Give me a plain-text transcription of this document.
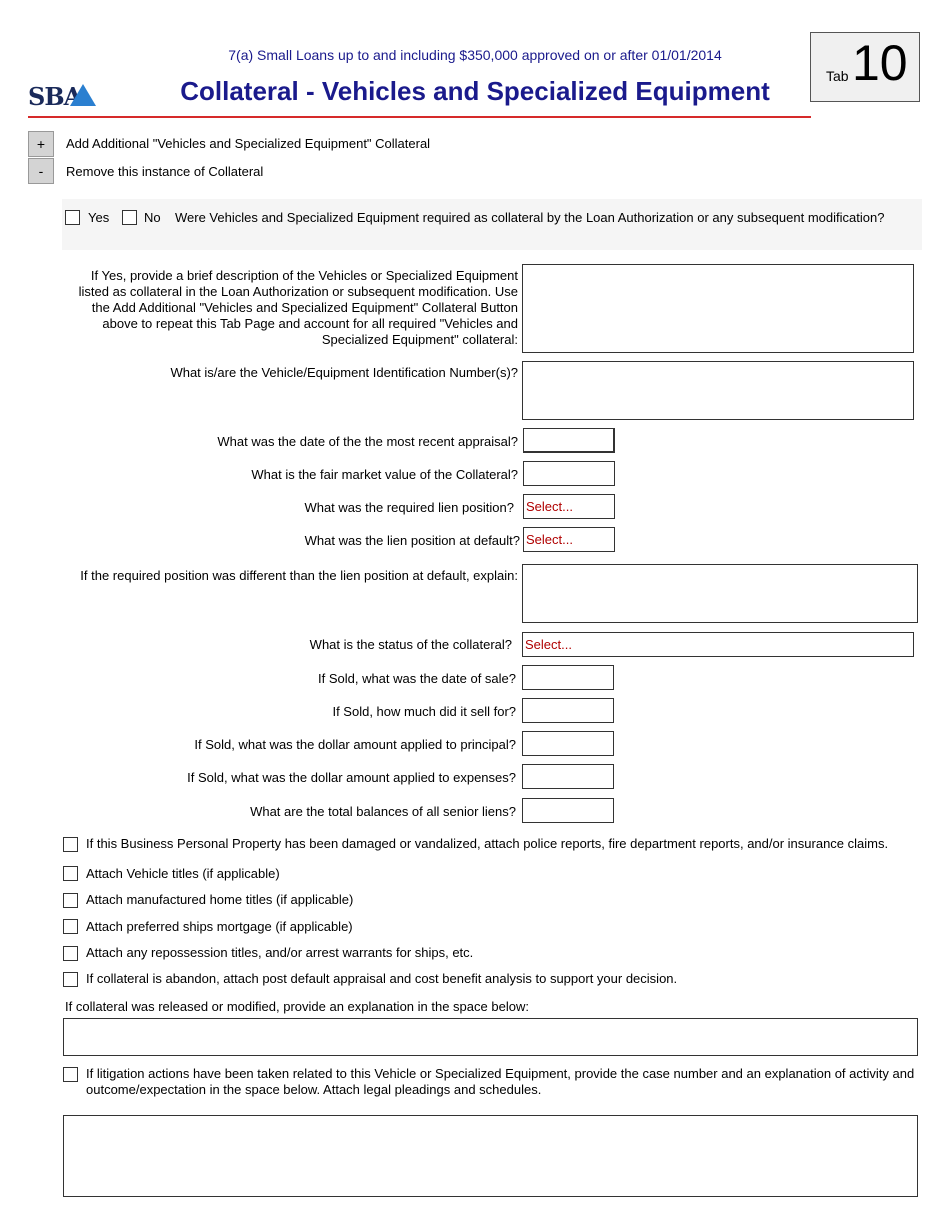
7(a) Small Loans up to and including $350,000 approved on or after 01/01/2014
Collateral - Vehicles and Specialized Equipment
SBA
Tab 10
+	Add Additional "Vehicles and Specialized Equipment" Collateral
-	Remove this instance of Collateral
Yes	No Were Vehicles and Specialized Equipment required as collateral by the Loan Authorization or any subsequent modification?
If Yes, provide a brief description of the Vehicles or Specialized Equipment listed as collateral in the Loan Authorization or subsequent modification. Use the Add Additional "Vehicles and Specialized Equipment" Collateral Button above to repeat this Tab Page and account for all required "Vehicles and Specialized Equipment" collateral:
What is/are the Vehicle/Equipment Identification Number(s)?
What was the date of the the most recent appraisal?
What is the fair market value of the Collateral?
What was the required lien position? Select...
What was the lien position at default? Select...
If the required position was different than the lien position at default, explain:
What is the status of the collateral? Select...
If Sold, what was the date of sale?
If Sold, how much did it sell for?
If Sold, what was the dollar amount applied to principal?
If Sold, what was the dollar amount applied to expenses?
What are the total balances of all senior liens?
If this Business Personal Property has been damaged or vandalized, attach police reports, fire department reports, and/or insurance claims.
Attach Vehicle titles (if applicable)
Attach manufactured home titles (if applicable)
Attach preferred ships mortgage (if applicable)
Attach any repossession titles, and/or arrest warrants for ships, etc.
If collateral is abandon, attach post default appraisal and cost benefit analysis to support your decision.
If collateral was released or modified, provide an explanation in the space below:
If litigation actions have been taken related to this Vehicle or Specialized Equipment, provide the case number and an explanation of activity and outcome/expectation in the space below. Attach legal pleadings and schedules.
